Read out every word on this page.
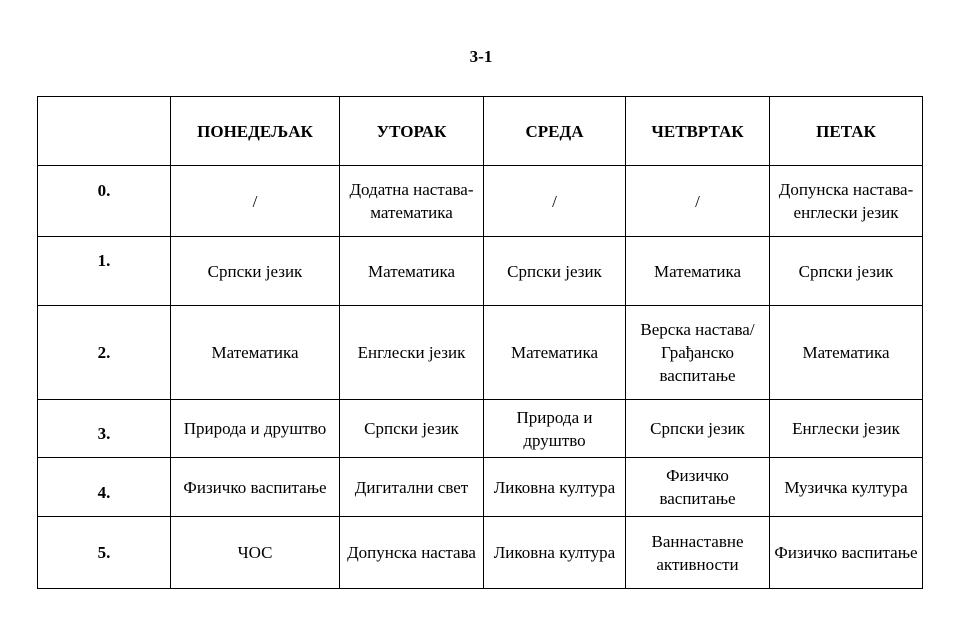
3-1
	ПОНЕДЕЉАК	УТОРАК	СРЕДА	ЧЕТВРТАК	ПЕТАК
0.	/	Додатна настава-математика	/	/	Допунска настава-енглески језик
1.	Српски језик	Математика	Српски језик	Математика	Српски језик
2.	Математика	Енглески језик	Математика	Верска настава/ Грађанско васпитање	Математика
3.	Природа и друштво	Српски језик	Природа и друштво	Српски језик	Енглески језик
4.	Физичко васпитање	Дигитални свет	Ликовна култура	Физичко васпитање	Музичка култура
5.	ЧОС	Допунска настава	Ликовна култура	Ваннаставне активности	Физичко васпитање
